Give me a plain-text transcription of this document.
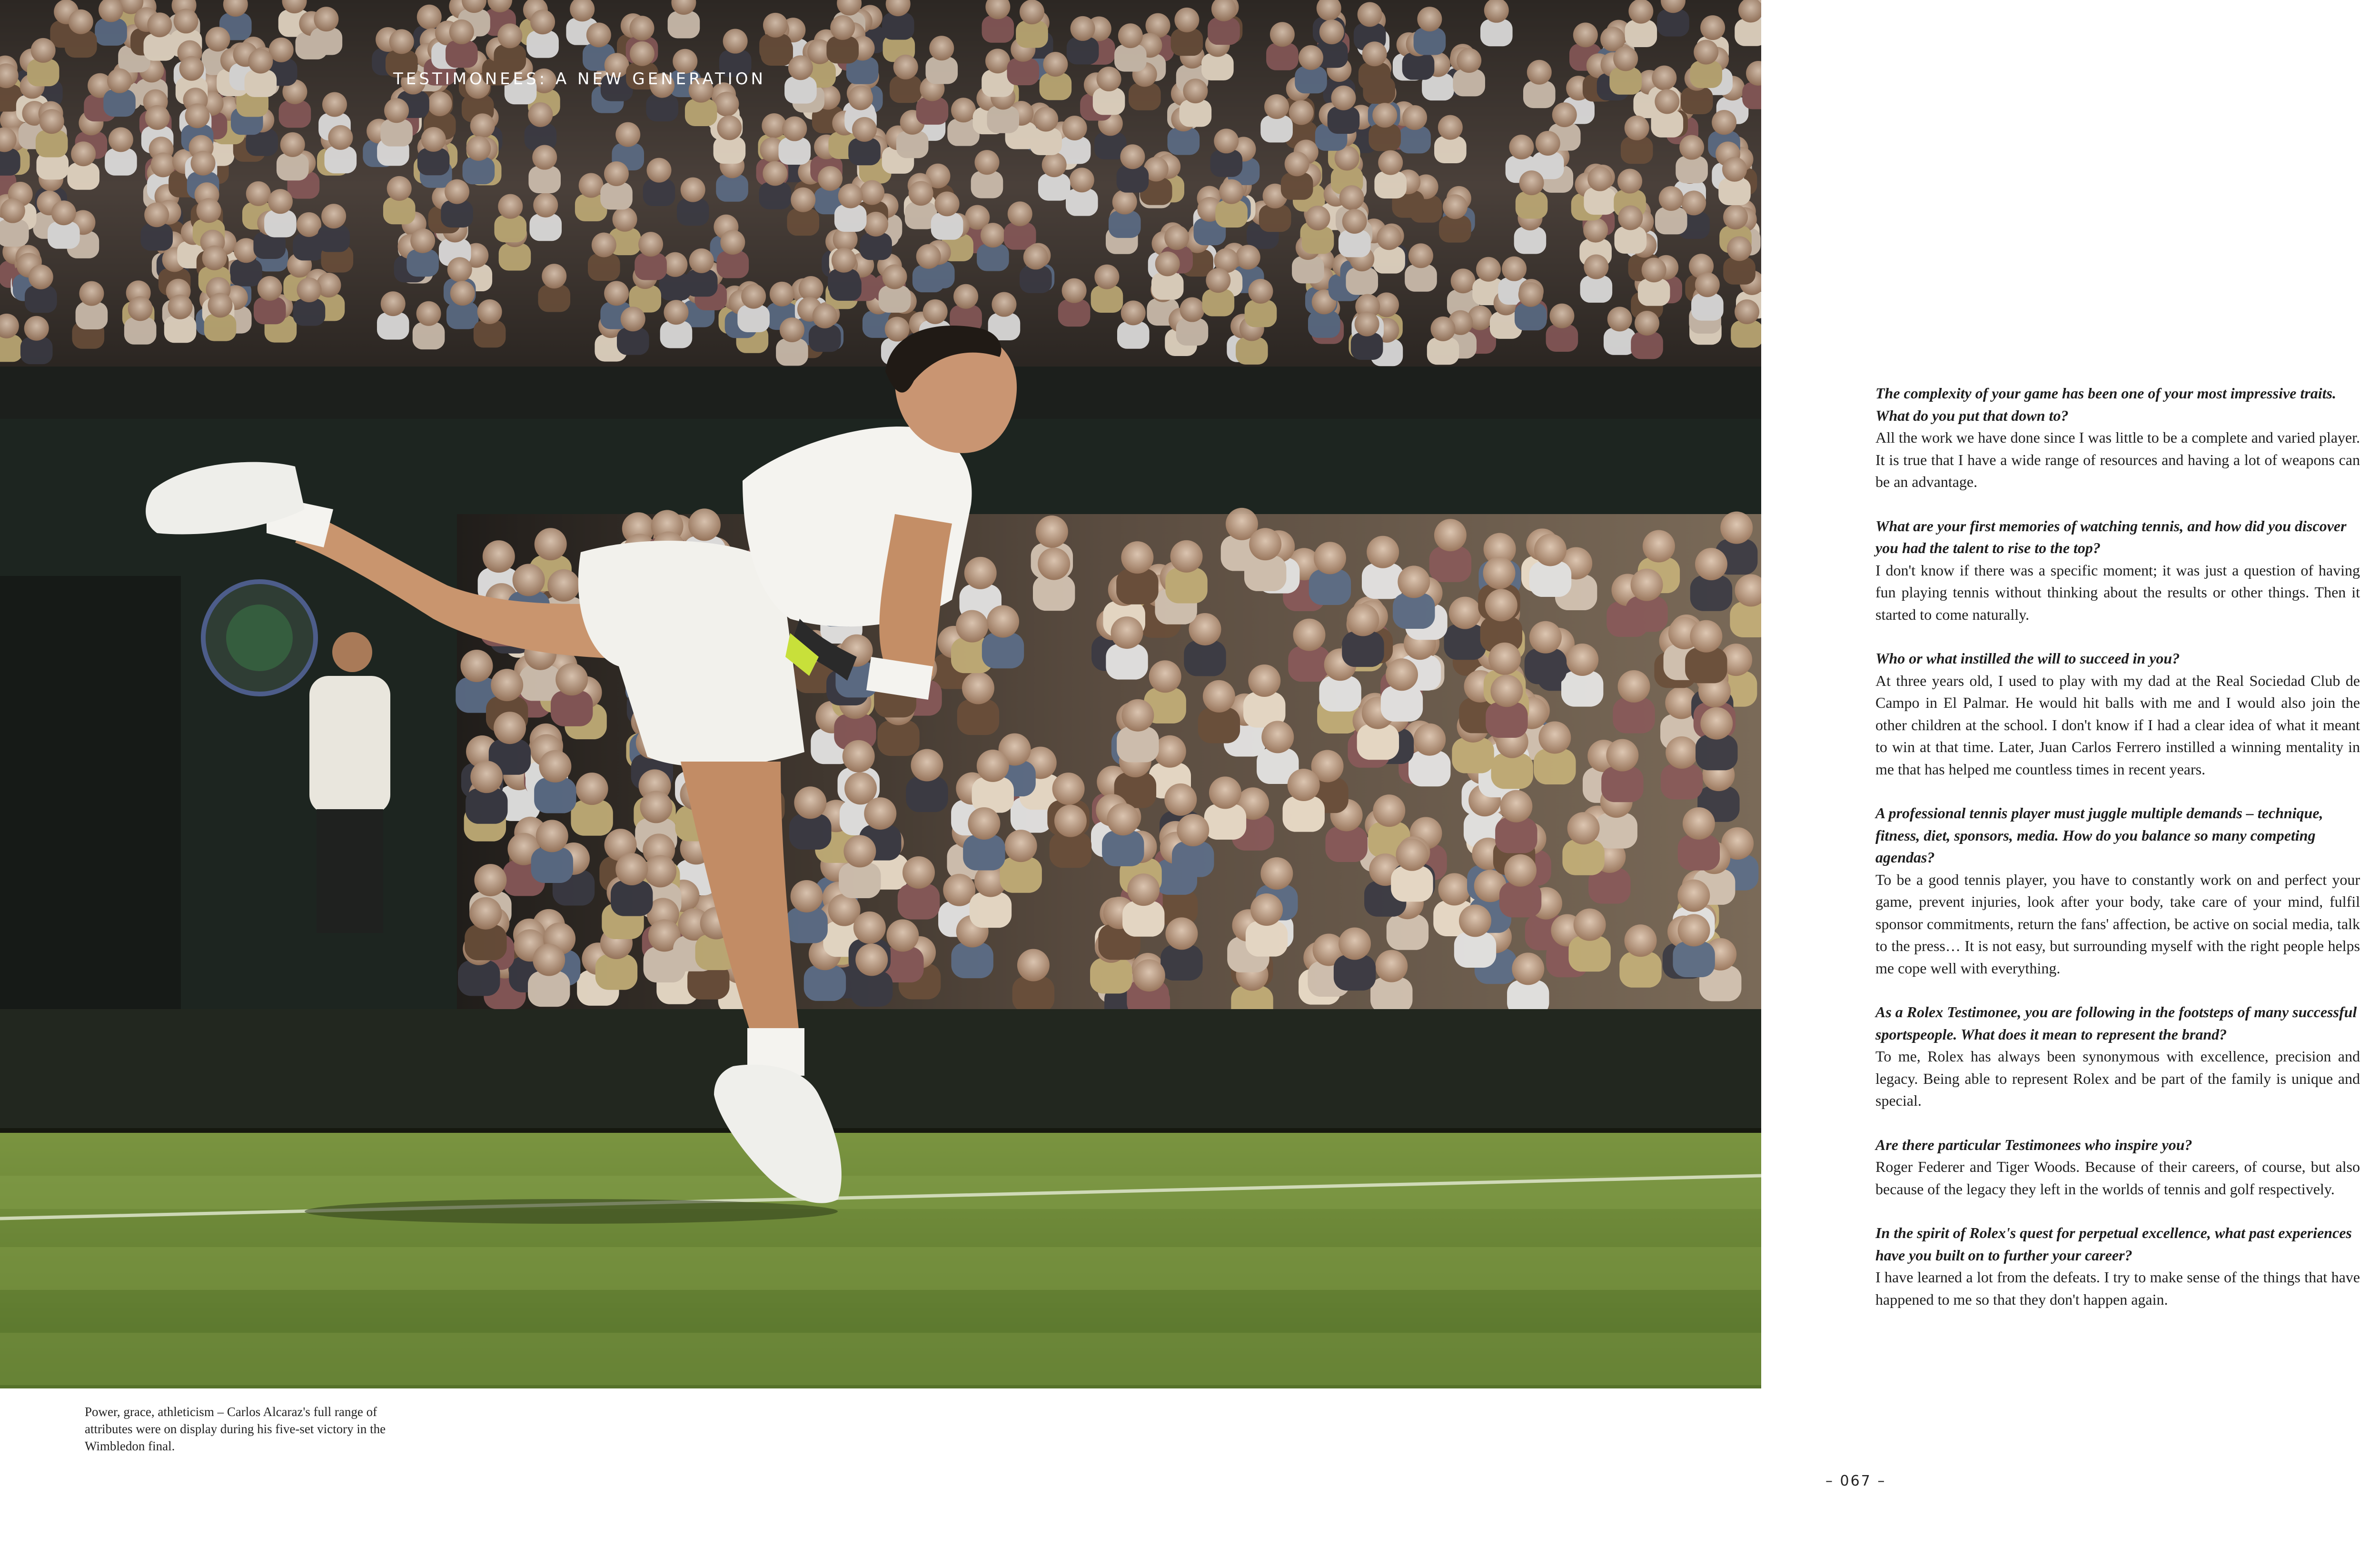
TESTIMONEES: A NEW GENERATION
Power, grace, athleticism – Carlos Alcaraz's full range of attributes were on display during his five-set victory in the Wimbledon final.
The complexity of your game has been one of your most impressive traits. What do you put that down to?
All the work we have done since I was little to be a complete and varied player. It is true that I have a wide range of resources and having a lot of weapons can be an advantage.
What are your first memories of watching tennis, and how did you discover you had the talent to rise to the top?
I don't know if there was a specific moment; it was just a question of having fun playing tennis without thinking about the results or other things. Then it started to come naturally.
Who or what instilled the will to succeed in you?
At three years old, I used to play with my dad at the Real Sociedad Club de Campo in El Palmar. He would hit balls with me and I would also join the other children at the school. I don't know if I had a clear idea of what it meant to win at that time. Later, Juan Carlos Ferrero instilled a winning mentality in me that has helped me countless times in recent years.
A professional tennis player must juggle multiple demands – technique, fitness, diet, sponsors, media. How do you balance so many competing agendas?
To be a good tennis player, you have to constantly work on and perfect your game, prevent injuries, look after your body, take care of your mind, fulfil sponsor commitments, return the fans' affection, be active on social media, talk to the press… It is not easy, but surrounding myself with the right people helps me cope well with everything.
As a Rolex Testimonee, you are following in the footsteps of many successful sportspeople. What does it mean to represent the brand?
To me, Rolex has always been synonymous with excellence, precision and legacy. Being able to represent Rolex and be part of the family is unique and special.
Are there particular Testimonees who inspire you?
Roger Federer and Tiger Woods. Because of their careers, of course, but also because of the legacy they left in the worlds of tennis and golf respectively.
In the spirit of Rolex's quest for perpetual excellence, what past experiences have you built on to further your career?
I have learned a lot from the defeats. I try to make sense of the things that have happened to me so that they don't happen again.
– 067 –
